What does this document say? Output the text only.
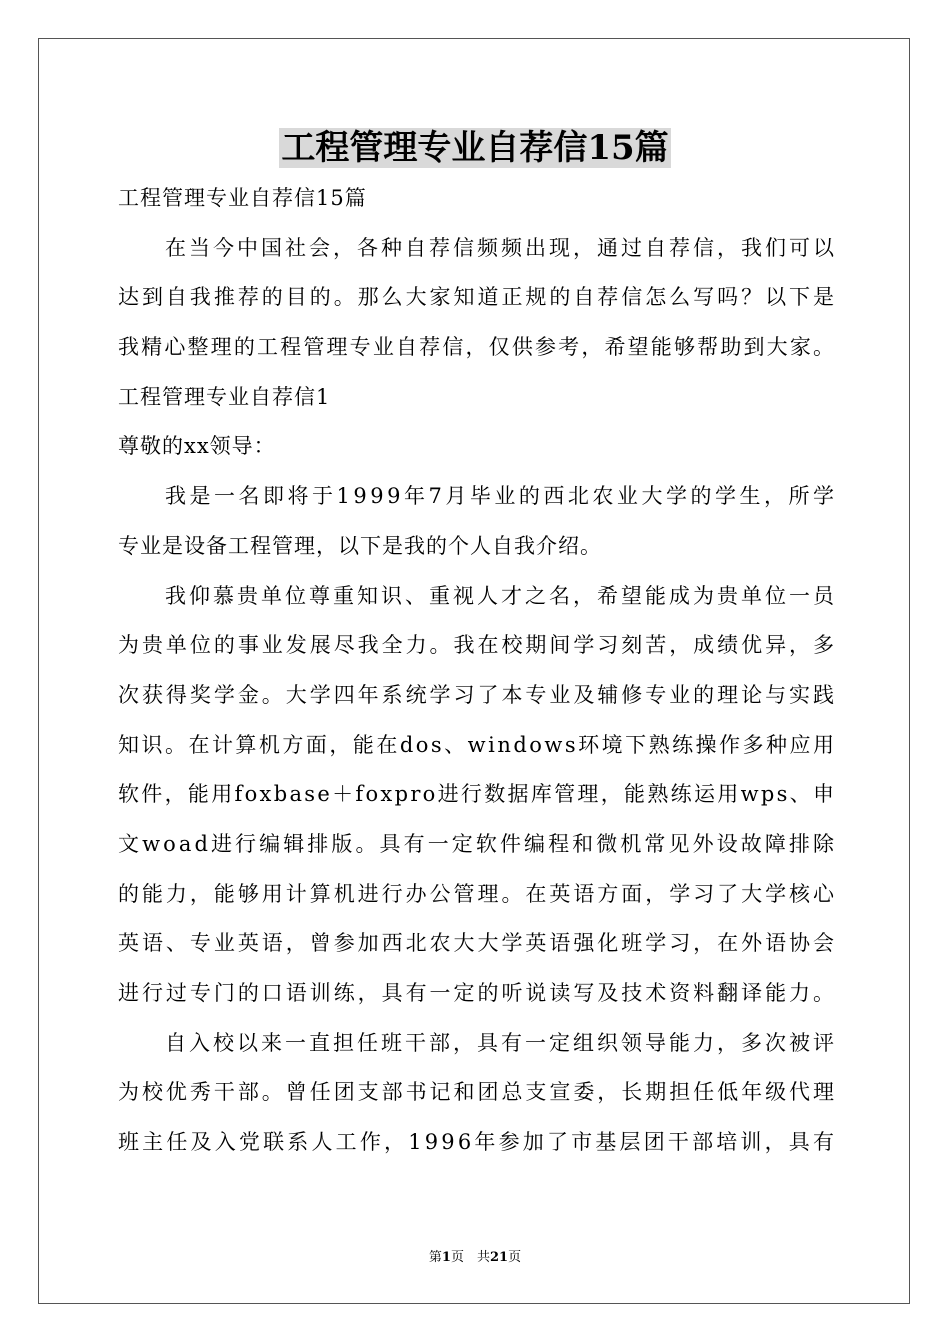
工程管理专业自荐信15篇
工程管理专业自荐信15篇
在当今中国社会，各种自荐信频频出现，通过自荐信，我们可以
达到自我推荐的目的。那么大家知道正规的自荐信怎么写吗？以下是
我精心整理的工程管理专业自荐信，仅供参考，希望能够帮助到大家。
工程管理专业自荐信1
尊敬的xx领导：
我是一名即将于1999年7月毕业的西北农业大学的学生，所学
专业是设备工程管理，以下是我的个人自我介绍。
我仰慕贵单位尊重知识、重视人才之名，希望能成为贵单位一员
为贵单位的事业发展尽我全力。我在校期间学习刻苦，成绩优异，多
次获得奖学金。大学四年系统学习了本专业及辅修专业的理论与实践
知识。在计算机方面，能在dos、windows环境下熟练操作多种应用
软件，能用foxbase＋foxpro进行数据库管理，能熟练运用wps、申
文woad进行编辑排版。具有一定软件编程和微机常见外设故障排除
的能力，能够用计算机进行办公管理。在英语方面，学习了大学核心
英语、专业英语，曾参加西北农大大学英语强化班学习，在外语协会
进行过专门的口语训练，具有一定的听说读写及技术资料翻译能力。
自入校以来一直担任班干部，具有一定组织领导能力，多次被评
为校优秀干部。曾任团支部书记和团总支宣委，长期担任低年级代理
班主任及入党联系人工作，1996年参加了市基层团干部培训，具有
第1页　共21页
